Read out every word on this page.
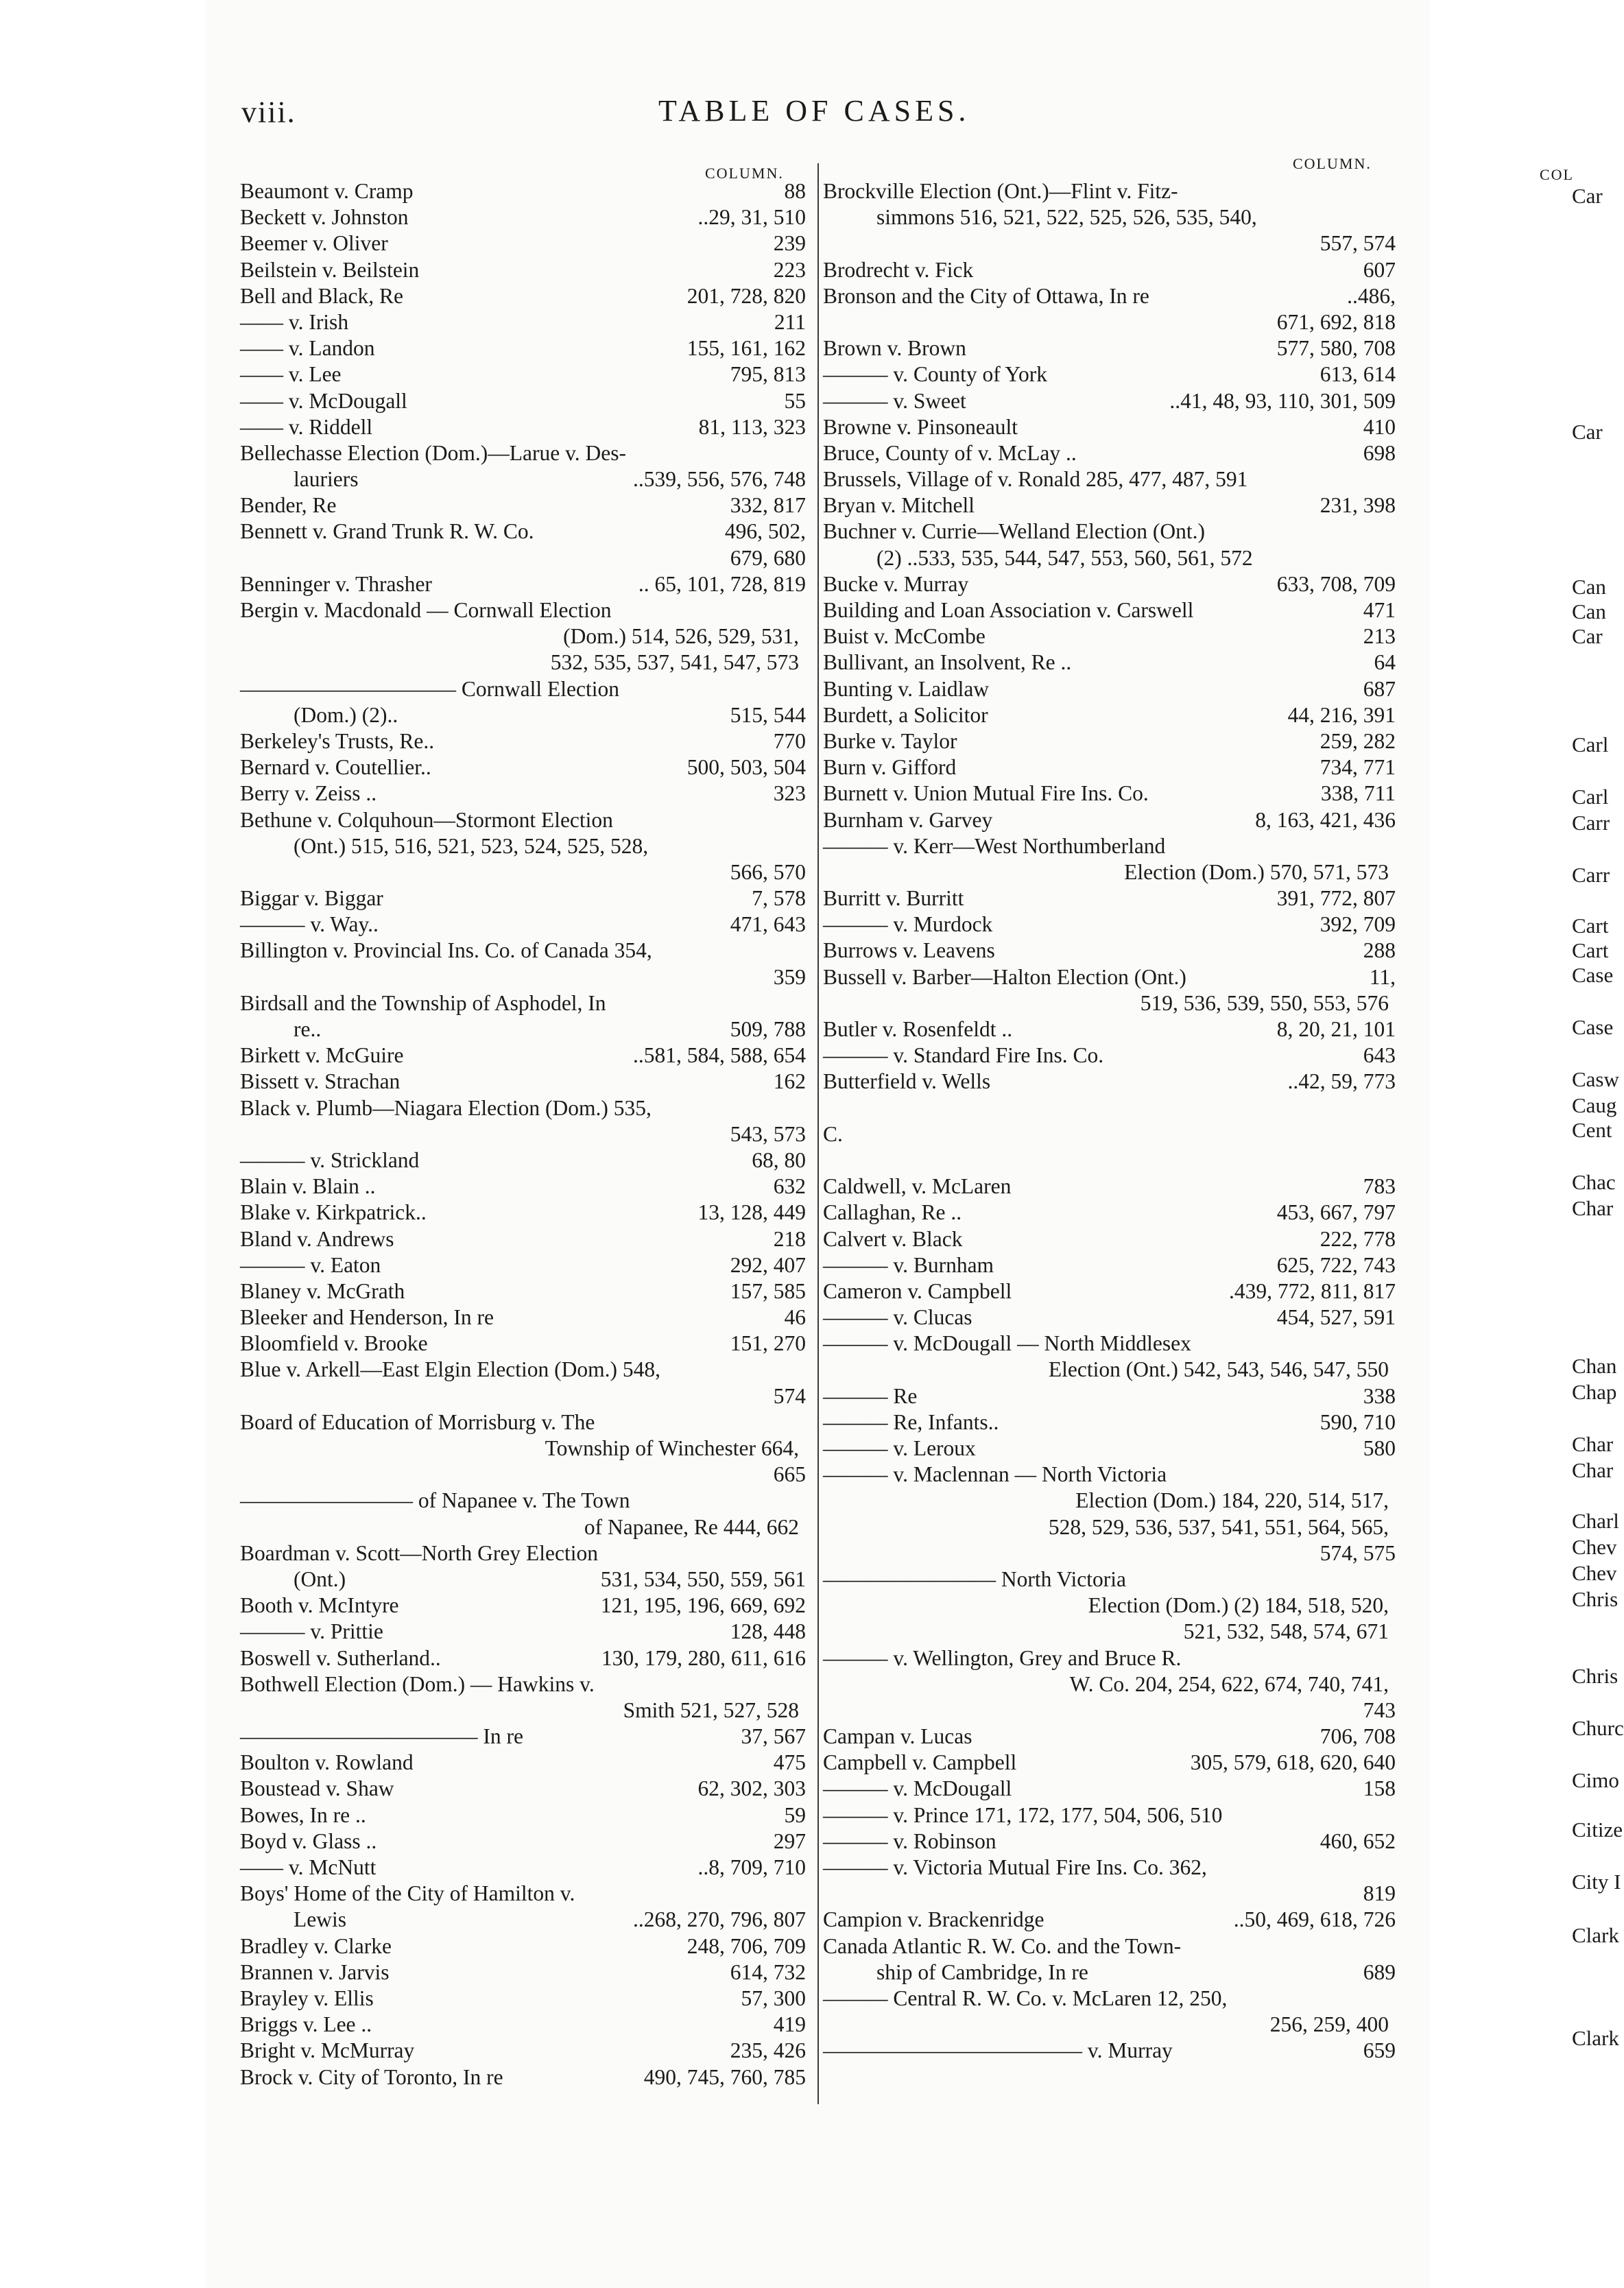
viii.	TABLE OF CASES.
COLUMN.
COLUMN.
Beaumont v. Cramp	88
Beckett v. Johnston	..29, 31, 510
Beemer v. Oliver	239
Beilstein v. Beilstein	223
Bell and Black, Re	201, 728, 820
—— v. Irish	211
—— v. Landon	155, 161, 162
—— v. Lee	795, 813
—— v. McDougall	55
—— v. Riddell	81, 113, 323
Bellechasse Election (Dom.)—Larue v. Des-
lauriers	..539, 556, 576, 748
Bender, Re	332, 817
Bennett v. Grand Trunk R. W. Co.	496, 502,
679, 680
Benninger v. Thrasher	.. 65, 101, 728, 819
Bergin v. Macdonald — Cornwall Election
(Dom.) 514, 526, 529, 531,
532, 535, 537, 541, 547, 573
—————————— Cornwall Election
(Dom.) (2)..	515, 544
Berkeley's Trusts, Re..	770
Bernard v. Coutellier..	500, 503, 504
Berry v. Zeiss ..	323
Bethune v. Colquhoun—Stormont Election
(Ont.) 515, 516, 521, 523, 524, 525, 528,
566, 570
Biggar v. Biggar	7, 578
——— v. Way..	471, 643
Billington v. Provincial Ins. Co. of Canada 354,
359
Birdsall and the Township of Asphodel, In
re..	509, 788
Birkett v. McGuire	..581, 584, 588, 654
Bissett v. Strachan	162
Black v. Plumb—Niagara Election (Dom.) 535,
543, 573
——— v. Strickland	68, 80
Blain v. Blain ..	632
Blake v. Kirkpatrick..	13, 128, 449
Bland v. Andrews	218
——— v. Eaton	292, 407
Blaney v. McGrath	157, 585
Bleeker and Henderson, In re	46
Bloomfield v. Brooke	151, 270
Blue v. Arkell—East Elgin Election (Dom.) 548,
574
Board of Education of Morrisburg v. The
Township of Winchester 664,
665
———————— of Napanee v. The Town
of Napanee, Re 444, 662
Boardman v. Scott—North Grey Election
(Ont.)	531, 534, 550, 559, 561
Booth v. McIntyre	121, 195, 196, 669, 692
——— v. Prittie	128, 448
Boswell v. Sutherland..	130, 179, 280, 611, 616
Bothwell Election (Dom.) — Hawkins v.
Smith 521, 527, 528
——————————— In re	37, 567
Boulton v. Rowland	475
Boustead v. Shaw	62, 302, 303
Bowes, In re ..	59
Boyd v. Glass ..	297
—— v. McNutt	..8, 709, 710
Boys' Home of the City of Hamilton v.
Lewis	..268, 270, 796, 807
Bradley v. Clarke	248, 706, 709
Brannen v. Jarvis	614, 732
Brayley v. Ellis	57, 300
Briggs v. Lee ..	419
Bright v. McMurray	235, 426
Brock v. City of Toronto, In re	490, 745, 760, 785
Brockville Election (Ont.)—Flint v. Fitz-
simmons 516, 521, 522, 525, 526, 535, 540,
557, 574
Brodrecht v. Fick	607
Bronson and the City of Ottawa, In re	..486,
671, 692, 818
Brown v. Brown	577, 580, 708
——— v. County of York	613, 614
——— v. Sweet	..41, 48, 93, 110, 301, 509
Browne v. Pinsoneault	410
Bruce, County of v. McLay ..	698
Brussels, Village of v. Ronald 285, 477, 487, 591
Bryan v. Mitchell	231, 398
Buchner v. Currie—Welland Election (Ont.)
(2) ..533, 535, 544, 547, 553, 560, 561, 572
Bucke v. Murray	633, 708, 709
Building and Loan Association v. Carswell	471
Buist v. McCombe	213
Bullivant, an Insolvent, Re ..	64
Bunting v. Laidlaw	687
Burdett, a Solicitor	44, 216, 391
Burke v. Taylor	259, 282
Burn v. Gifford	734, 771
Burnett v. Union Mutual Fire Ins. Co.	338, 711
Burnham v. Garvey	8, 163, 421, 436
——— v. Kerr—West Northumberland
Election (Dom.) 570, 571, 573
Burritt v. Burritt	391, 772, 807
——— v. Murdock	392, 709
Burrows v. Leavens	288
Bussell v. Barber—Halton Election (Ont.)	11,
519, 536, 539, 550, 553, 576
Butler v. Rosenfeldt ..	8, 20, 21, 101
——— v. Standard Fire Ins. Co.	643
Butterfield v. Wells	..42, 59, 773
C.
Caldwell, v. McLaren	783
Callaghan, Re ..	453, 667, 797
Calvert v. Black	222, 778
——— v. Burnham	625, 722, 743
Cameron v. Campbell	.439, 772, 811, 817
——— v. Clucas	454, 527, 591
——— v. McDougall — North Middlesex
Election (Ont.) 542, 543, 546, 547, 550
——— Re	338
——— Re, Infants..	590, 710
——— v. Leroux	580
——— v. Maclennan — North Victoria
Election (Dom.) 184, 220, 514, 517,
528, 529, 536, 537, 541, 551, 564, 565,
574, 575
———————— North Victoria
Election (Dom.) (2) 184, 518, 520,
521, 532, 548, 574, 671
——— v. Wellington, Grey and Bruce R.
W. Co. 204, 254, 622, 674, 740, 741,
743
Campan v. Lucas	706, 708
Campbell v. Campbell	305, 579, 618, 620, 640
——— v. McDougall	158
——— v. Prince 171, 172, 177, 504, 506, 510
——— v. Robinson	460, 652
——— v. Victoria Mutual Fire Ins. Co. 362,
819
Campion v. Brackenridge	..50, 469, 618, 726
Canada Atlantic R. W. Co. and the Town-
ship of Cambridge, In re	689
——— Central R. W. Co. v. McLaren 12, 250,
256, 259, 400
———————————— v. Murray	659
COL
Car
Car
Can
Can
Car
Carl
Carl
Carr
Carr
Cart
Cart
Case
Case
Casw
Caug
Cent
Chac
Char
Chan
Chap
Char
Char
Charl
Chev
Chev
Chris
Chris
Churc
Cimo
Citize
City I
Clark
Clark
